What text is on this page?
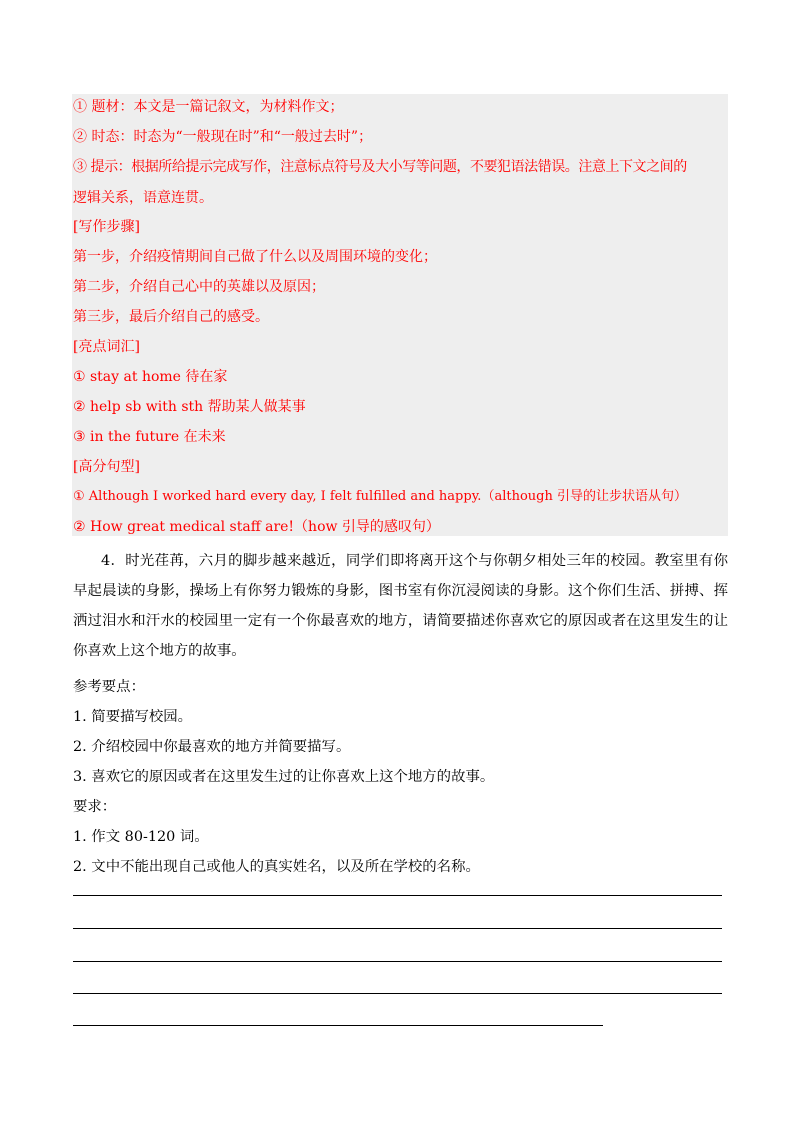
① 题材：本文是一篇记叙文，为材料作文；
② 时态：时态为“一般现在时”和“一般过去时”；
③ 提示：根据所给提示完成写作，注意标点符号及大小写等问题，不要犯语法错误。注意上下文之间的
逻辑关系，语意连贯。
[写作步骤]
第一步，介绍疫情期间自己做了什么以及周围环境的变化；
第二步，介绍自己心中的英雄以及原因；
第三步，最后介绍自己的感受。
[亮点词汇]
① stay at home 待在家
② help sb with sth 帮助某人做某事
③ in the future 在未来
[高分句型]
① Although I worked hard every day, I felt fulfilled and happy.（although 引导的让步状语从句）
② How great medical staff are!（how 引导的感叹句）
4．时光荏苒，六月的脚步越来越近，同学们即将离开这个与你朝夕相处三年的校园。教室里有你早起晨读的身影，操场上有你努力锻炼的身影，图书室有你沉浸阅读的身影。这个你们生活、拼搏、挥洒过泪水和汗水的校园里一定有一个你最喜欢的地方，请简要描述你喜欢它的原因或者在这里发生的让你喜欢上这个地方的故事。
参考要点：
1. 简要描写校园。
2. 介绍校园中你最喜欢的地方并简要描写。
3. 喜欢它的原因或者在这里发生过的让你喜欢上这个地方的故事。
要求：
1. 作文 80-120 词。
2. 文中不能出现自己或他人的真实姓名，以及所在学校的名称。
